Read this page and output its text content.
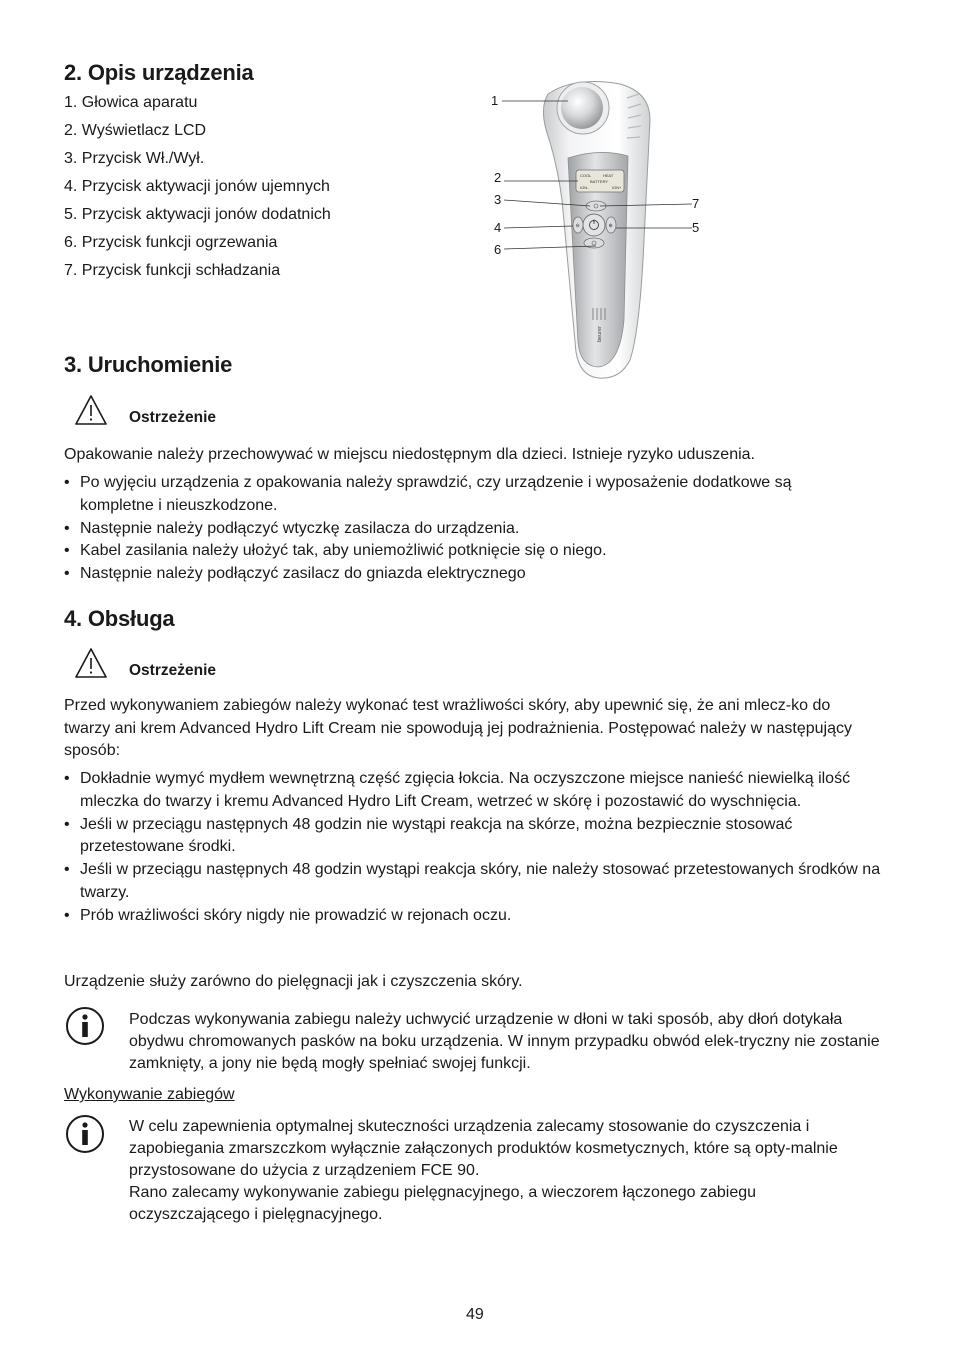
2. Opis urządzenia
1. Głowica aparatu
2. Wyświetlacz LCD
3. Przycisk Wł./Wył.
4. Przycisk aktywacji jonów ujemnych
5. Przycisk aktywacji jonów dodatnich
6. Przycisk funkcji ogrzewania
7. Przycisk funkcji schładzania
COOL	HEAT
BATTERY
ION-	ION+
⊖	⊕
beurer
1
2
3
4
6
7
5
3. Uruchomienie
Ostrzeżenie

Opakowanie należy przechowywać w miejscu niedostępnym dla dzieci. Istnieje ryzyko uduszenia.

• Po wyjęciu urządzenia z opakowania należy sprawdzić, czy urządzenie i wyposażenie dodatkowe są kompletne i nieuszkodzone.
• Następnie należy podłączyć wtyczkę zasilacza do urządzenia.
• Kabel zasilania należy ułożyć tak, aby uniemożliwić potknięcie się o niego.
• Następnie należy podłączyć zasilacz do gniazda elektrycznego
4. Obsługa
Ostrzeżenie

Przed wykonywaniem zabiegów należy wykonać test wrażliwości skóry, aby upewnić się, że ani mlecz-ko do twarzy ani krem Advanced Hydro Lift Cream nie spowodują jej podrażnienia. Postępować należy w następujący sposób:

• Dokładnie wymyć mydłem wewnętrzną część zgięcia łokcia. Na oczyszczone miejsce nanieść niewielką ilość mleczka do twarzy i kremu Advanced Hydro Lift Cream, wetrzeć w skórę i pozostawić do wyschnięcia.
• Jeśli w przeciągu następnych 48 godzin nie wystąpi reakcja na skórze, można bezpiecznie stosować przetestowane środki.
• Jeśli w przeciągu następnych 48 godzin wystąpi reakcja skóry, nie należy stosować przetestowanych środków na twarzy.
• Prób wrażliwości skóry nigdy nie prowadzić w rejonach oczu.

Urządzenie służy zarówno do pielęgnacji jak i czyszczenia skóry.

Podczas wykonywania zabiegu należy uchwycić urządzenie w dłoni w taki sposób, aby dłoń dotykała obydwu chromowanych pasków na boku urządzenia. W innym przypadku obwód elek-tryczny nie zostanie zamknięty, a jony nie będą mogły spełniać swojej funkcji.

Wykonywanie zabiegów

W celu zapewnienia optymalnej skuteczności urządzenia zalecamy stosowanie do czyszczenia i zapobiegania zmarszczkom wyłącznie załączonych produktów kosmetycznych, które są opty-malnie przystosowane do użycia z urządzeniem FCE 90.

Rano zalecamy wykonywanie zabiegu pielęgnacyjnego, a wieczorem łączonego zabiegu oczyszczającego i pielęgnacyjnego.

49
